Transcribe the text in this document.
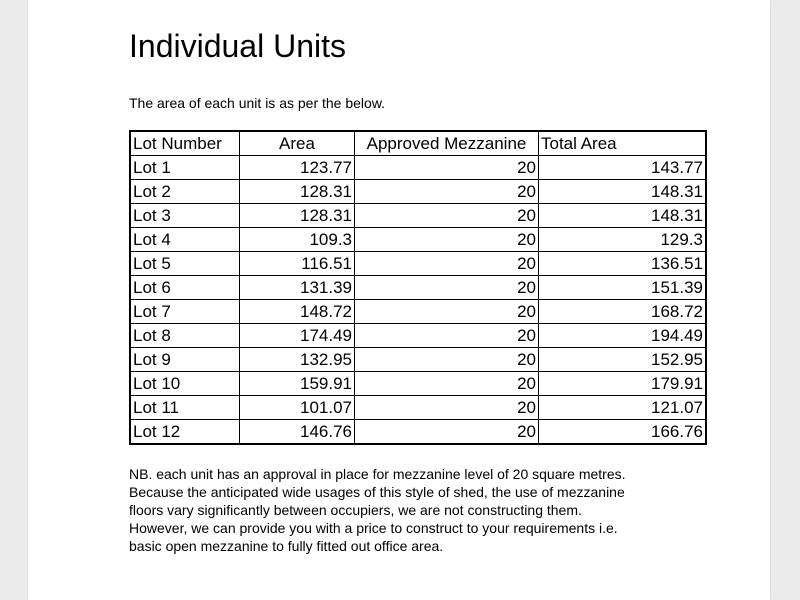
Individual Units

The area of each unit is as per the below.

Lot Number	Area	Approved Mezzanine	Total Area
Lot 1	123.77	20	143.77
Lot 2	128.31	20	148.31
Lot 3	128.31	20	148.31
Lot 4	109.3	20	129.3
Lot 5	116.51	20	136.51
Lot 6	131.39	20	151.39
Lot 7	148.72	20	168.72
Lot 8	174.49	20	194.49
Lot 9	132.95	20	152.95
Lot 10	159.91	20	179.91
Lot 11	101.07	20	121.07
Lot 12	146.76	20	166.76

NB. each unit has an approval in place for mezzanine level of 20 square metres.
Because the anticipated wide usages of this style of shed, the use of mezzanine
floors vary significantly between occupiers, we are not constructing them.
However, we can provide you with a price to construct to your requirements i.e.
basic open mezzanine to fully fitted out office area.
